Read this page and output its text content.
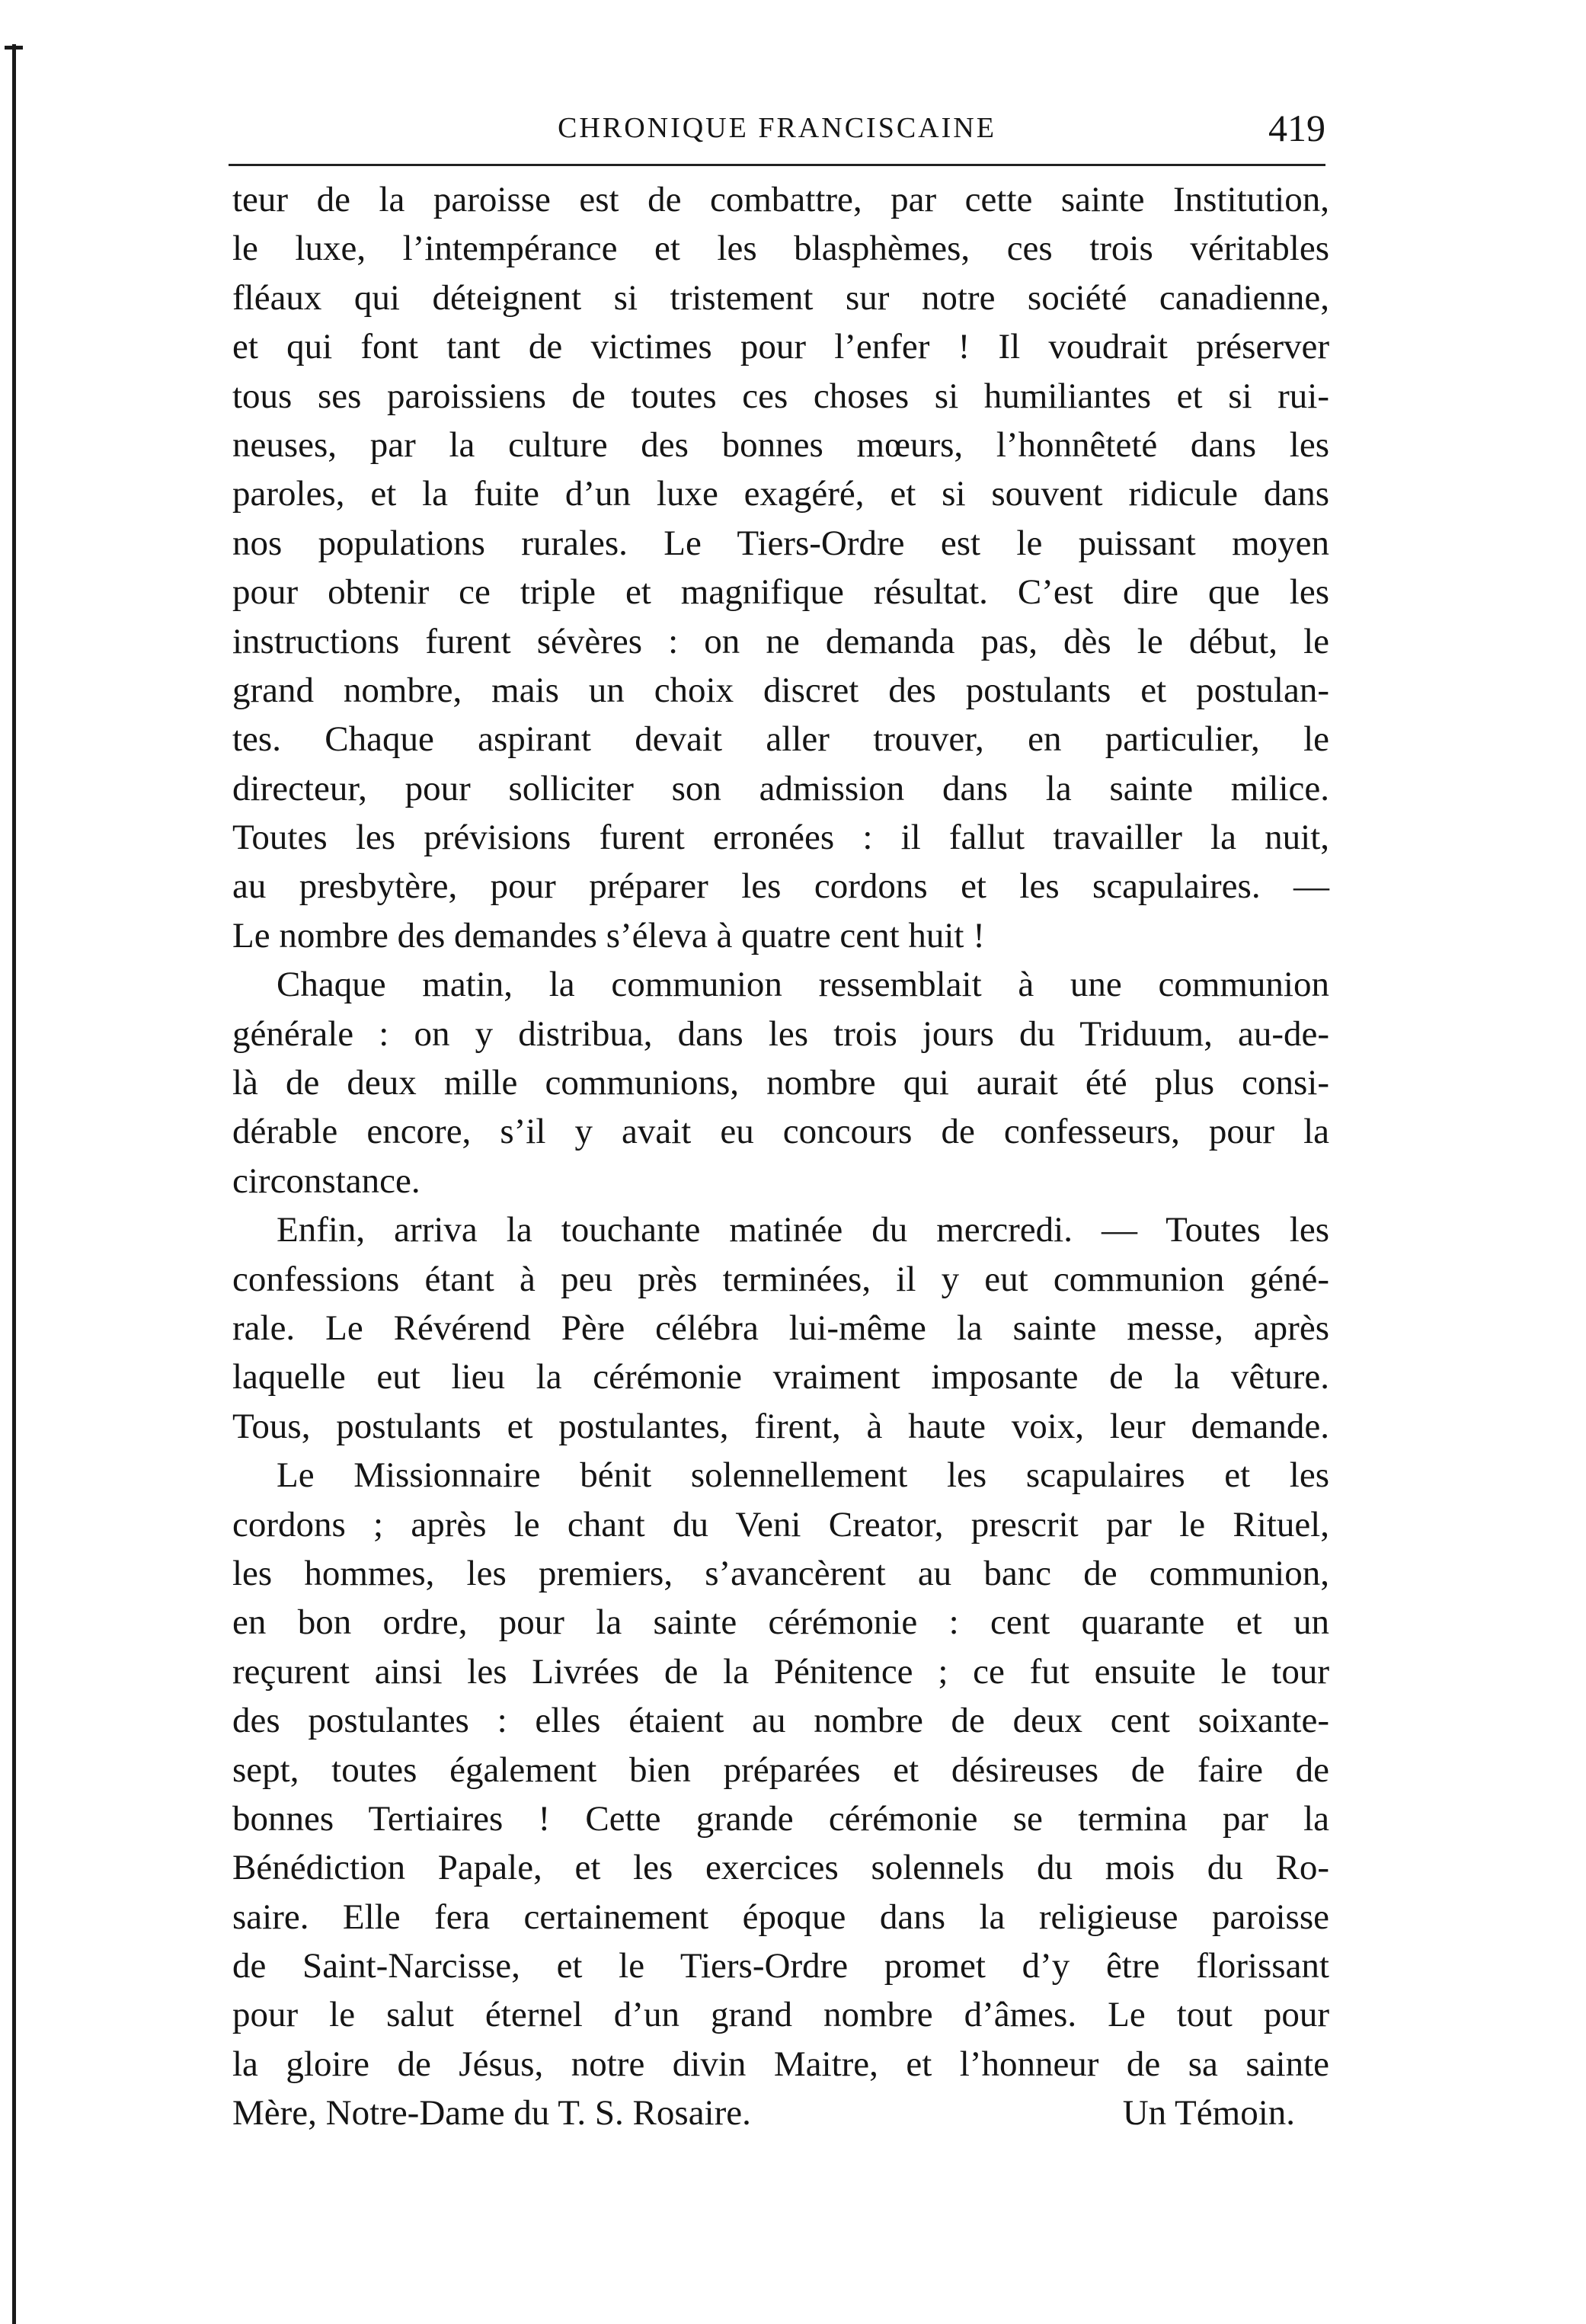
CHRONIQUE FRANCISCAINE	419
teur de la paroisse est de combattre, par cette sainte Institution,
le luxe, l’intempérance et les blasphèmes, ces trois véritables
fléaux qui déteignent si tristement sur notre société canadienne,
et qui font tant de victimes pour l’enfer ! Il voudrait préserver
tous ses paroissiens de toutes ces choses si humiliantes et si rui-
neuses, par la culture des bonnes mœurs, l’honnêteté dans les
paroles, et la fuite d’un luxe exagéré, et si souvent ridicule dans
nos populations rurales. Le Tiers-Ordre est le puissant moyen
pour obtenir ce triple et magnifique résultat. C’est dire que les
instructions furent sévères : on ne demanda pas, dès le début, le
grand nombre, mais un choix discret des postulants et postulan-
tes. Chaque aspirant devait aller trouver, en particulier, le
directeur, pour solliciter son admission dans la sainte milice.
Toutes les prévisions furent erronées : il fallut travailler la nuit,
au presbytère, pour préparer les cordons et les scapulaires. —
Le nombre des demandes s’éleva à quatre cent huit !
Chaque matin, la communion ressemblait à une communion
générale : on y distribua, dans les trois jours du Triduum, au-de-
là de deux mille communions, nombre qui aurait été plus consi-
dérable encore, s’il y avait eu concours de confesseurs, pour la
circonstance.
Enfin, arriva la touchante matinée du mercredi. — Toutes les
confessions étant à peu près terminées, il y eut communion géné-
rale. Le Révérend Père célébra lui-même la sainte messe, après
laquelle eut lieu la cérémonie vraiment imposante de la vêture.
Tous, postulants et postulantes, firent, à haute voix, leur demande.
Le Missionnaire bénit solennellement les scapulaires et les
cordons ; après le chant du Veni Creator, prescrit par le Rituel,
les hommes, les premiers, s’avancèrent au banc de communion,
en bon ordre, pour la sainte cérémonie : cent quarante et un
reçurent ainsi les Livrées de la Pénitence ; ce fut ensuite le tour
des postulantes : elles étaient au nombre de deux cent soixante-
sept, toutes également bien préparées et désireuses de faire de
bonnes Tertiaires ! Cette grande cérémonie se termina par la
Bénédiction Papale, et les exercices solennels du mois du Ro-
saire. Elle fera certainement époque dans la religieuse paroisse
de Saint-Narcisse, et le Tiers-Ordre promet d’y être florissant
pour le salut éternel d’un grand nombre d’âmes. Le tout pour
la gloire de Jésus, notre divin Maitre, et l’honneur de sa sainte
Mère, Notre-Dame du T. S. Rosaire.	Un Témoin.
